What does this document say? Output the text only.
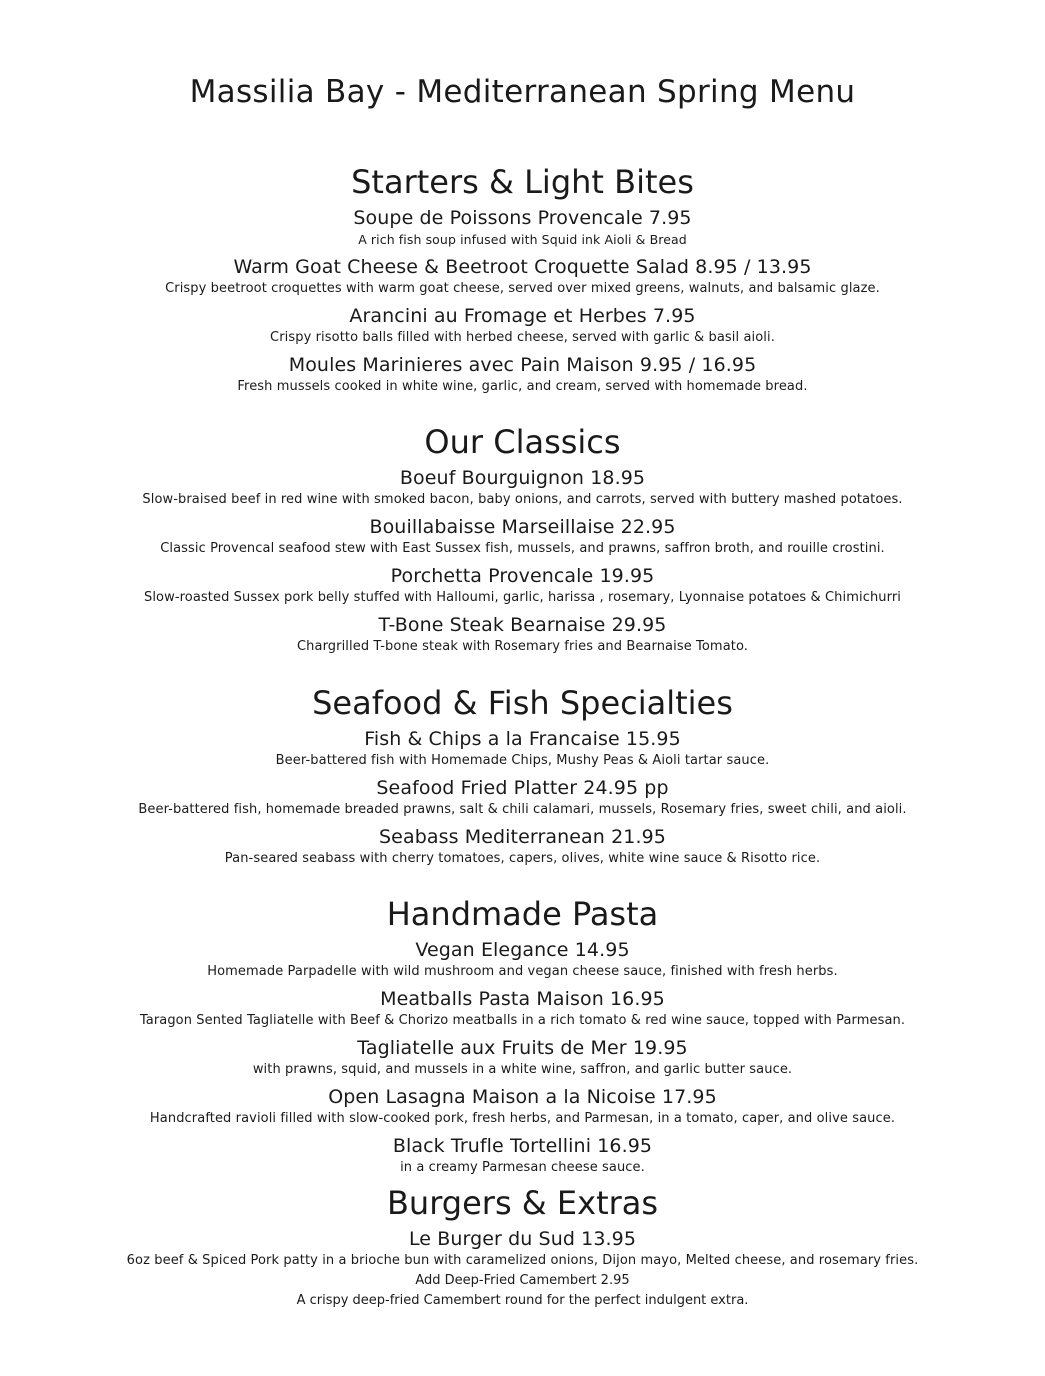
Massilia Bay - Mediterranean Spring Menu
Starters & Light Bites
Soupe de Poissons Provencale 7.95
A rich fish soup infused with Squid ink Aioli & Bread
Warm Goat Cheese & Beetroot Croquette Salad 8.95 / 13.95
Crispy beetroot croquettes with warm goat cheese, served over mixed greens, walnuts, and balsamic glaze.
Arancini au Fromage et Herbes 7.95
Crispy risotto balls filled with herbed cheese, served with garlic & basil aioli.
Moules Marinieres avec Pain Maison 9.95 / 16.95
Fresh mussels cooked in white wine, garlic, and cream, served with homemade bread.
Our Classics
Boeuf Bourguignon 18.95
Slow-braised beef in red wine with smoked bacon, baby onions, and carrots, served with buttery mashed potatoes.
Bouillabaisse Marseillaise 22.95
Classic Provencal seafood stew with East Sussex fish, mussels, and prawns, saffron broth, and rouille crostini.
Porchetta Provencale 19.95
Slow-roasted Sussex pork belly stuffed with Halloumi, garlic, harissa , rosemary, Lyonnaise potatoes & Chimichurri
T-Bone Steak Bearnaise 29.95
Chargrilled T-bone steak with Rosemary fries and Bearnaise Tomato.
Seafood & Fish Specialties
Fish & Chips a la Francaise 15.95
Beer-battered fish with Homemade Chips, Mushy Peas & Aioli tartar sauce.
Seafood Fried Platter 24.95 pp
Beer-battered fish, homemade breaded prawns, salt & chili calamari, mussels, Rosemary fries, sweet chili, and aioli.
Seabass Mediterranean 21.95
Pan-seared seabass with cherry tomatoes, capers, olives, white wine sauce & Risotto rice.
Handmade Pasta
Vegan Elegance 14.95
Homemade Parpadelle with wild mushroom and vegan cheese sauce, finished with fresh herbs.
Meatballs Pasta Maison 16.95
Taragon Sented Tagliatelle with Beef & Chorizo meatballs in a rich tomato & red wine sauce, topped with Parmesan.
Tagliatelle aux Fruits de Mer 19.95
with prawns, squid, and mussels in a white wine, saffron, and garlic butter sauce.
Open Lasagna Maison a la Nicoise 17.95
Handcrafted ravioli filled with slow-cooked pork, fresh herbs, and Parmesan, in a tomato, caper, and olive sauce.
Black Trufle Tortellini 16.95
in a creamy Parmesan cheese sauce.
Burgers & Extras
Le Burger du Sud 13.95
6oz beef & Spiced Pork patty in a brioche bun with caramelized onions, Dijon mayo, Melted cheese, and rosemary fries.
Add Deep-Fried Camembert 2.95
A crispy deep-fried Camembert round for the perfect indulgent extra.
